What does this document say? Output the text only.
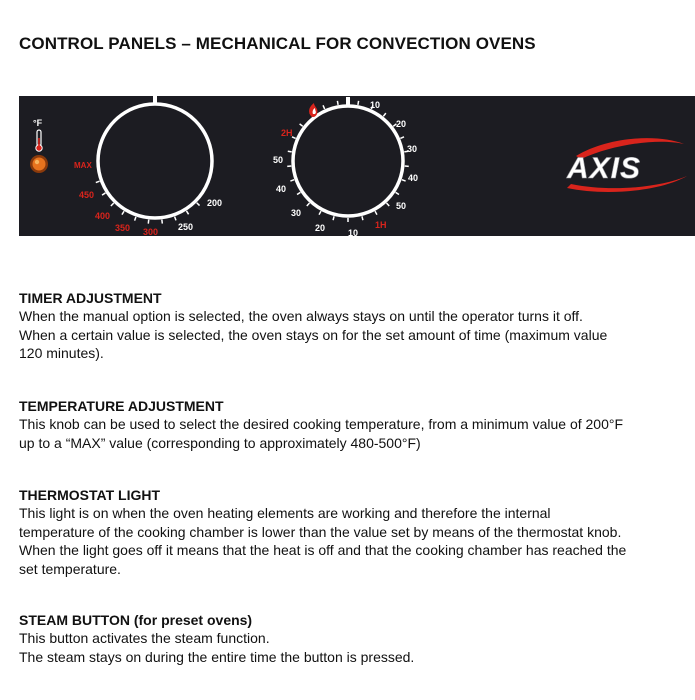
CONTROL PANELS – MECHANICAL FOR CONVECTION OVENS
°F
MAX
450
400
350 300 250
200
10
20
30
40
50
10
20
30
40
50
2H
1H
AXIS
TIMER ADJUSTMENT

When the manual option is selected, the oven always stays on until the operator turns it off.

When a certain value is selected, the oven stays on for the set amount of time (maximum value

120 minutes).

TEMPERATURE ADJUSTMENT

This knob can be used to select the desired cooking temperature, from a minimum value of 200°F

up to a “MAX” value (corresponding to approximately 480-500°F)

THERMOSTAT LIGHT

This light is on when the oven heating elements are working and therefore the internal

temperature of the cooking chamber is lower than the value set by means of the thermostat knob.

When the light goes off it means that the heat is off and that the cooking chamber has reached the

set temperature.

STEAM BUTTON (for preset ovens)

This button activates the steam function.

The steam stays on during the entire time the button is pressed.
